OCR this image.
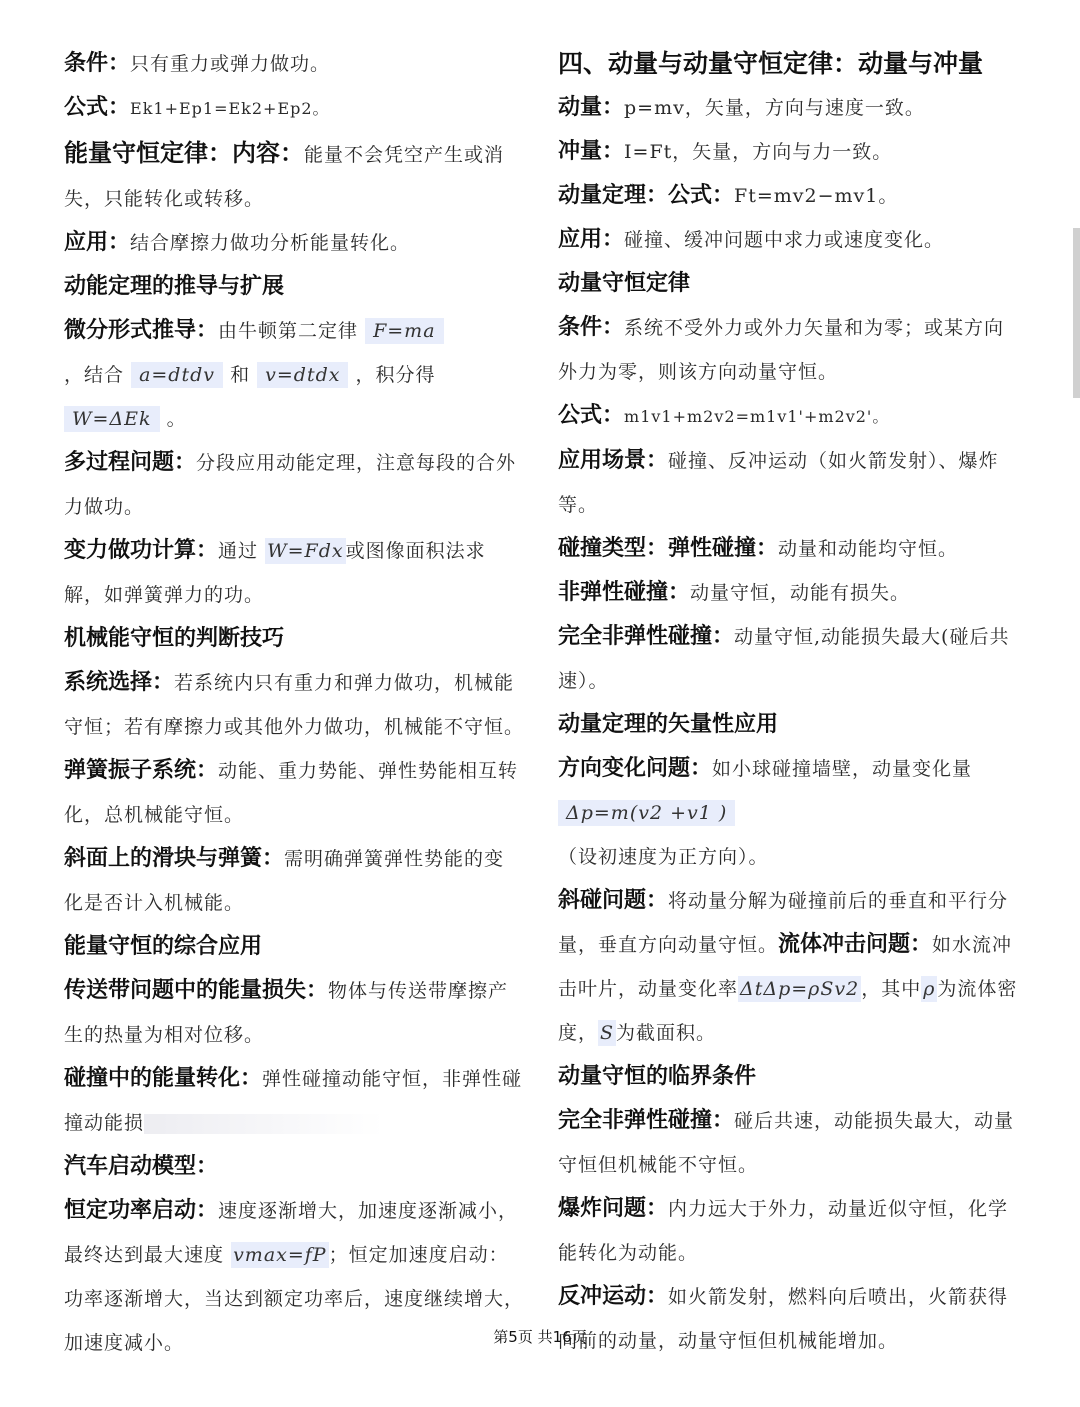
条件：只有重力或弹力做功。

公式：Ek1+Ep1=Ek2+Ep2。

能量守恒定律：内容：能量不会凭空产生或消失，只能转化或转移。

应用：结合摩擦力做功分析能量转化。

动能定理的推导与扩展

微分形式推导：由牛顿第二定律 F=ma
，结合 a=dtdv 和 v=dtdx ，积分得 W=ΔEk 。

多过程问题：分段应用动能定理，注意每段的合外力做功。

变力做功计算：通过 W=Fdx 或图像面积法求解，如弹簧弹力的功。

机械能守恒的判断技巧

系统选择：若系统内只有重力和弹力做功，机械能守恒；若有摩擦力或其他外力做功，机械能不守恒。

弹簧振子系统：动能、重力势能、弹性势能相互转化，总机械能守恒。

斜面上的滑块与弹簧：需明确弹簧弹性势能的变化是否计入机械能。

能量守恒的综合应用

传送带问题中的能量损失：物体与传送带摩擦产生的热量为相对位移。

碰撞中的能量转化：弹性碰撞动能守恒，非弹性碰撞动能损

汽车启动模型：

恒定功率启动：速度逐渐增大，加速度逐渐减小，最终达到最大速度 vmax=fP ；恒定加速度启动：功率逐渐增大，当达到额定功率后，速度继续增大，加速度减小。

四、动量与动量守恒定律：动量与冲量

动量：p=mv，矢量，方向与速度一致。

冲量：I=Ft，矢量，方向与力一致。

动量定理：公式：Ft=mv2−mv1。

应用：碰撞、缓冲问题中求力或速度变化。

动量守恒定律

条件：系统不受外力或外力矢量和为零；或某方向外力为零，则该方向动量守恒。

公式：m1v1+m2v2=m1v1'+m2v2'。

应用场景：碰撞、反冲运动（如火箭发射）、爆炸等。

碰撞类型：弹性碰撞：动量和动能均守恒。

非弹性碰撞：动量守恒，动能有损失。

完全非弹性碰撞：动量守恒,动能损失最大(碰后共速）。

动量定理的矢量性应用

方向变化问题：如小球碰撞墙壁，动量变化量
Δp=m(v2 +v1 )
（设初速度为正方向）。

斜碰问题：将动量分解为碰撞前后的垂直和平行分量，垂直方向动量守恒。流体冲击问题：如水流冲击叶片，动量变化率 ΔtΔp=ρSv2 ，其中 ρ 为流体密度， S 为截面积。

动量守恒的临界条件

完全非弹性碰撞：碰后共速，动能损失最大，动量守恒但机械能不守恒。

爆炸问题：内力远大于外力，动量近似守恒，化学能转化为动能。

反冲运动：如火箭发射，燃料向后喷出，火箭获得向前的动量，动量守恒但机械能增加。

第5页 共16页
